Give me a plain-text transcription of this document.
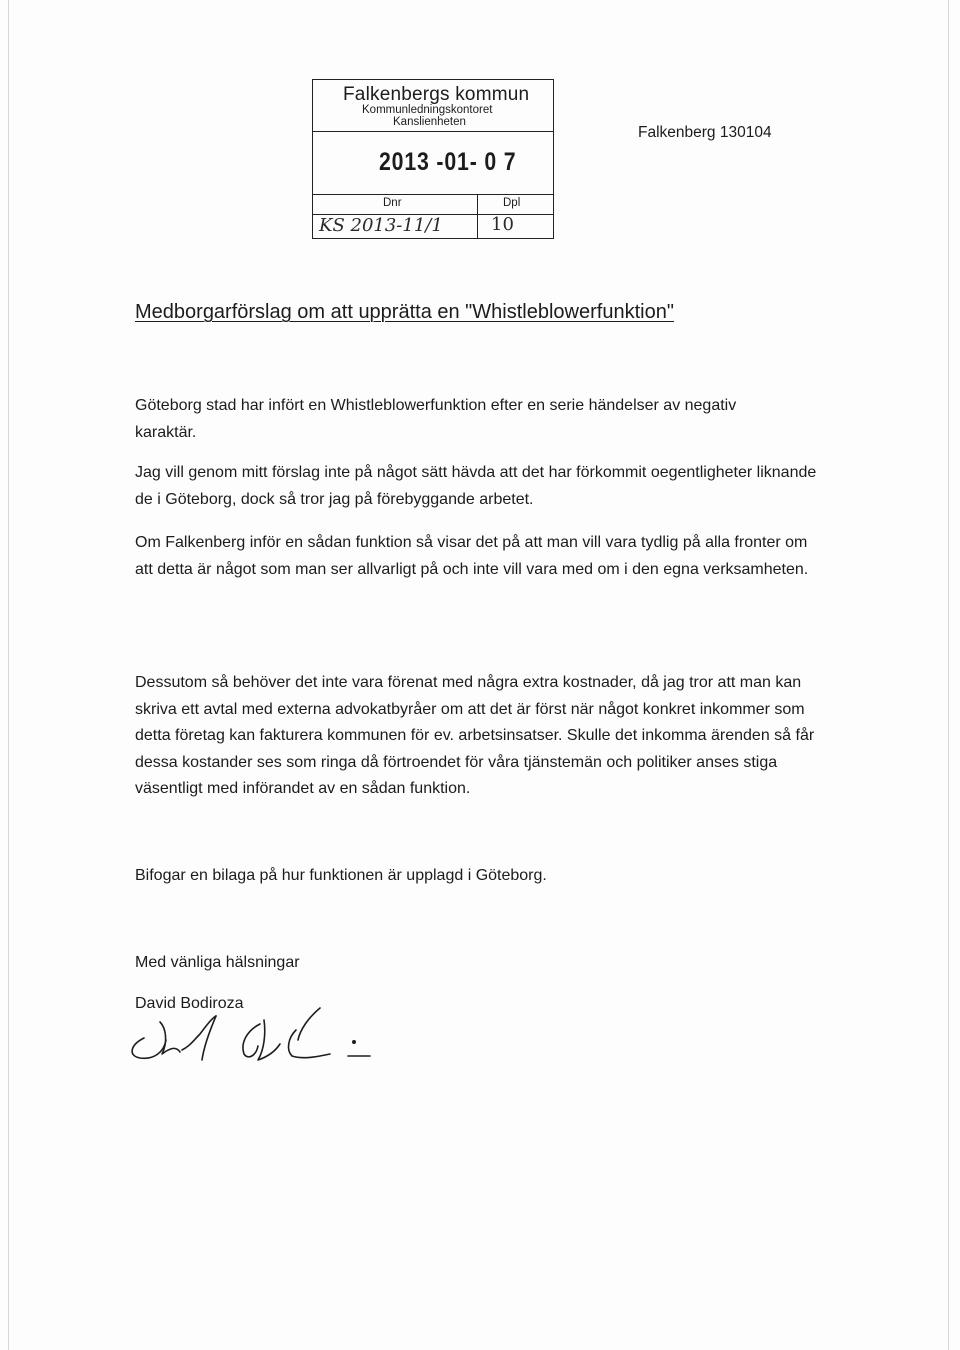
Falkenbergs kommun
Kommunledningskontoret
Kanslienheten
2013 -01- 0 7
Dnr	Dpl
KS 2013-11/1	10
Falkenberg 130104
Medborgarförslag om att upprätta en "Whistleblowerfunktion"
Göteborg stad har infört en Whistleblowerfunktion efter en serie händelser av negativ karaktär.
Jag vill genom mitt förslag inte på något sätt hävda att det har förkommit oegentligheter liknande de i Göteborg, dock så tror jag på förebyggande arbetet.
Om Falkenberg inför en sådan funktion så visar det på att man vill vara tydlig på alla fronter om att detta är något som man ser allvarligt på och inte vill vara med om i den egna verksamheten.
Dessutom så behöver det inte vara förenat med några extra kostnader, då jag tror att man kan skriva ett avtal med externa advokatbyråer om att det är först när något konkret inkommer som detta företag kan fakturera kommunen för ev. arbetsinsatser. Skulle det inkomma ärenden så får dessa kostander ses som ringa då förtroendet för våra tjänstemän och politiker anses stiga väsentligt med införandet av en sådan funktion.
Bifogar en bilaga på hur funktionen är upplagd i Göteborg.
Med vänliga hälsningar
David Bodiroza
